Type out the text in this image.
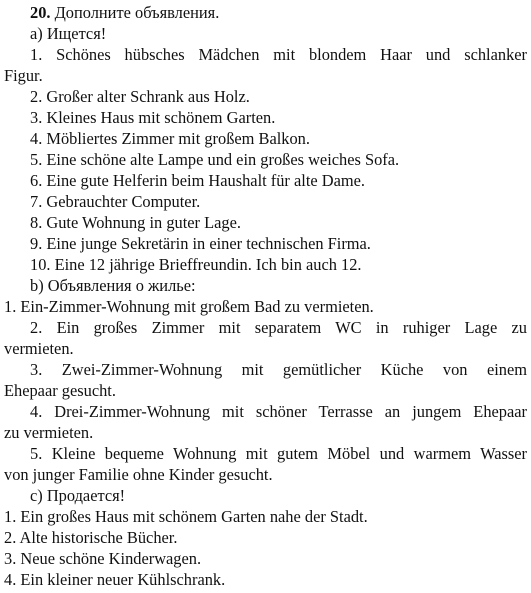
20. Дополните объявления.
а) Ищется!
1. Schönes hübsches Mädchen mit blondem Haar und schlanker
Figur.
2. Großer alter Schrank aus Holz.
3. Kleines Haus mit schönem Garten.
4. Möbliertes Zimmer mit großem Balkon.
5. Eine schöne alte Lampe und ein großes weiches Sofa.
6. Eine gute Helferin beim Haushalt für alte Dame.
7. Gebrauchter Computer.
8. Gute Wohnung in guter Lage.
9. Eine junge Sekretärin in einer technischen Firma.
10. Eine 12 jährige Brieffreundin. Ich bin auch 12.
b) Объявления о жилье:
1. Ein-Zimmer-Wohnung mit großem Bad zu vermieten.
2. Ein großes Zimmer mit separatem WC in ruhiger Lage zu
vermieten.
3. Zwei-Zimmer-Wohnung mit gemütlicher Küche von einem
Ehepaar gesucht.
4. Drei-Zimmer-Wohnung mit schöner Terrasse an jungem Ehepaar
zu vermieten.
5. Kleine bequeme Wohnung mit gutem Möbel und warmem Wasser
von junger Familie ohne Kinder gesucht.
c) Продается!
1. Ein großes Haus mit schönem Garten nahe der Stadt.
2. Alte historische Bücher.
3. Neue schöne Kinderwagen.
4. Ein kleiner neuer Kühlschrank.
